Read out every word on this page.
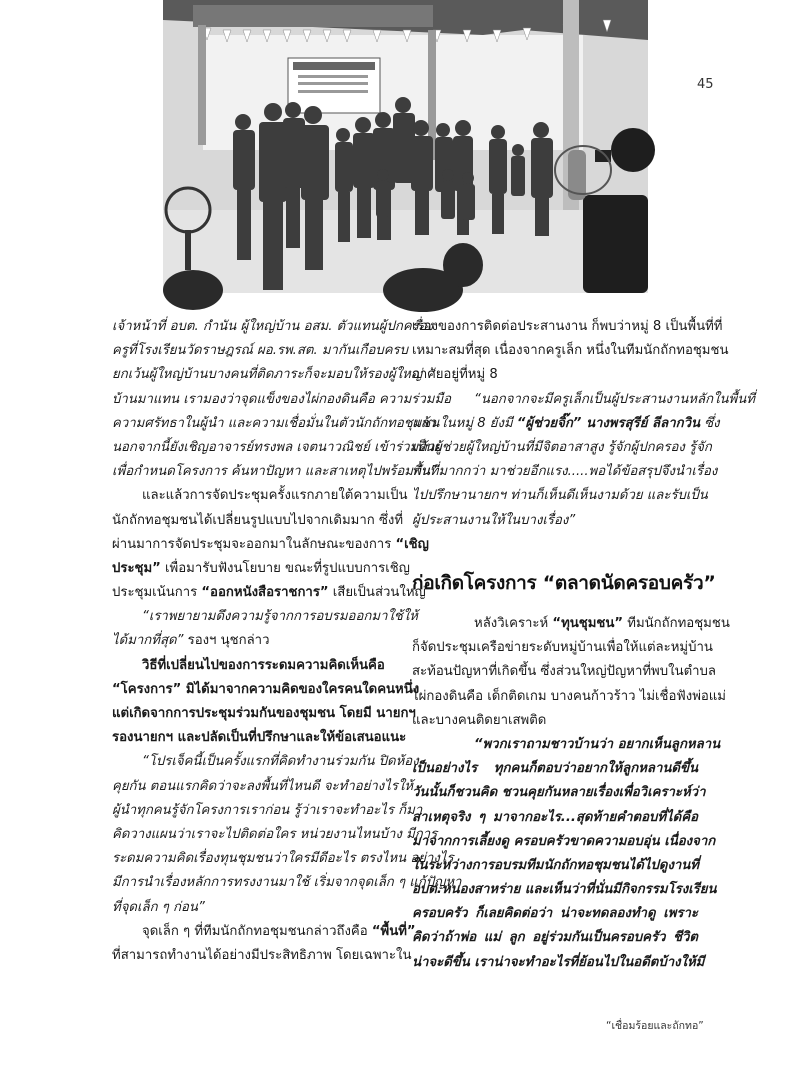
45
เจ้าหน้าที่ อบต. กำนัน ผู้ใหญ่บ้าน อสม. ตัวแทนผู้ปกครอง
ครูที่โรงเรียนวัดราษฎรณ์ ผอ.รพ.สต. มากันเกือบครบ
ยกเว้นผู้ใหญ่บ้านบางคนที่ติดภาระก็จะมอบให้รองผู้ใหญ่
บ้านมาแทน เรามองว่าจุดแข็งของไผ่กองดินคือ ความร่วมมือ
ความศรัทธาในผู้นำ และความเชื่อมั่นในตัวนักถักทอชุมชน
นอกจากนี้ยังเชิญอาจารย์ทรงพล เจตนาวณิชย์ เข้าร่วมด้วย
เพื่อกำหนดโครงการ ค้นหาปัญหา และสาเหตุไปพร้อมกัน”
และแล้วการจัดประชุมครั้งแรกภายใต้ความเป็น
นักถักทอชุมชนได้เปลี่ยนรูปแบบไปจากเดิมมาก ซึ่งที่
ผ่านมาการจัดประชุมจะออกมาในลักษณะของการ “เชิญ
ประชุม” เพื่อมารับฟังนโยบาย ขณะที่รูปแบบการเชิญ
ประชุมเน้นการ “ออกหนังสือราชการ” เสียเป็นส่วนใหญ่
“เราพยายามดึงความรู้จากการอบรมออกมาใช้ให้
ได้มากที่สุด” รองฯ นุชกล่าว
วิธีที่เปลี่ยนไปของการระดมความคิดเห็นคือ
“โครงการ” มิได้มาจากความคิดของใครคนใดคนหนึ่ง
แต่เกิดจากการประชุมร่วมกันของชุมชน โดยมี นายกฯ
รองนายกฯ และปลัดเป็นที่ปรึกษาและให้ข้อเสนอแนะ
“โปรเจ็คนี้เป็นครั้งแรกที่คิดทำงานร่วมกัน ปิดห้อง
คุยกัน ตอนแรกคิดว่าจะลงพื้นที่ไหนดี จะทำอย่างไรให้
ผู้นำทุกคนรู้จักโครงการเราก่อน รู้ว่าเราจะทำอะไร ก็มา
คิดวางแผนว่าเราจะไปติดต่อใคร หน่วยงานไหนบ้าง มีการ
ระดมความคิดเรื่องทุนชุมชนว่าใครมีดีอะไร ตรงไหน อย่างไร
มีการนำเรื่องหลักการทรงงานมาใช้ เริ่มจากจุดเล็ก ๆ แก้ปัญหา
ที่จุดเล็ก ๆ ก่อน”
จุดเล็ก ๆ ที่ทีมนักถักทอชุมชนกล่าวถึงคือ “พื้นที่”
ที่สามารถทำงานได้อย่างมีประสิทธิภาพ โดยเฉพาะใน
เรื่องของการติดต่อประสานงาน ก็พบว่าหมู่ 8 เป็นพื้นที่ที่
เหมาะสมที่สุด เนื่องจากครูเล็ก หนึ่งในทีมนักถักทอชุมชน
อาศัยอยู่ที่หมู่ 8
“นอกจากจะมีครูเล็กเป็นผู้ประสานงานหลักในพื้นที่
แล้ว ในหมู่ 8 ยังมี “ผู้ช่วยจิ๊ก” นางพรสุรีย์ ลีลากวิน ซึ่ง
เป็นผู้ช่วยผู้ใหญ่บ้านที่มีจิตอาสาสูง รู้จักผู้ปกครอง รู้จัก
พื้นที่มากกว่า มาช่วยอีกแรง.....พอได้ข้อสรุปจึงนำเรื่อง
ไปปรึกษานายกฯ ท่านก็เห็นดีเห็นงามด้วย และรับเป็น
ผู้ประสานงานให้ในบางเรื่อง”
ก่อเกิดโครงการ “ตลาดนัดครอบครัว”
หลังวิเคราะห์ “ทุนชุมชน” ทีมนักถักทอชุมชน
ก็จัดประชุมเครือข่ายระดับหมู่บ้านเพื่อให้แต่ละหมู่บ้าน
สะท้อนปัญหาที่เกิดขึ้น ซึ่งส่วนใหญ่ปัญหาที่พบในตำบล
ไผ่กองดินคือ เด็กติดเกม บางคนก้าวร้าว ไม่เชื่อฟังพ่อแม่
และบางคนติดยาเสพติด
“พวกเราถามชาวบ้านว่า อยากเห็นลูกหลาน
เป็นอย่างไร ทุกคนก็ตอบว่าอยากให้ลูกหลานดีขึ้น
วันนั้นก็ชวนคิด ชวนคุยกันหลายเรื่องเพื่อวิเคราะห์ว่า
สาเหตุจริง ๆ มาจากอะไร...สุดท้ายคำตอบที่ได้คือ
มาจากการเลี้ยงดู ครอบครัวขาดความอบอุ่น เนื่องจาก
ในระหว่างการอบรมทีมนักถักทอชุมชนได้ไปดูงานที่
อบต.หนองสาหร่าย และเห็นว่าที่นั่นมีกิจกรรมโรงเรียน
ครอบครัว ก็เลยคิดต่อว่า น่าจะทดลองทำดู เพราะ
คิดว่าถ้าพ่อ แม่ ลูก อยู่ร่วมกันเป็นครอบครัว ชีวิต
น่าจะดีขึ้น เราน่าจะทำอะไรที่ย้อนไปในอดีตบ้างให้มี
“เชื่อมร้อยและถักทอ”
